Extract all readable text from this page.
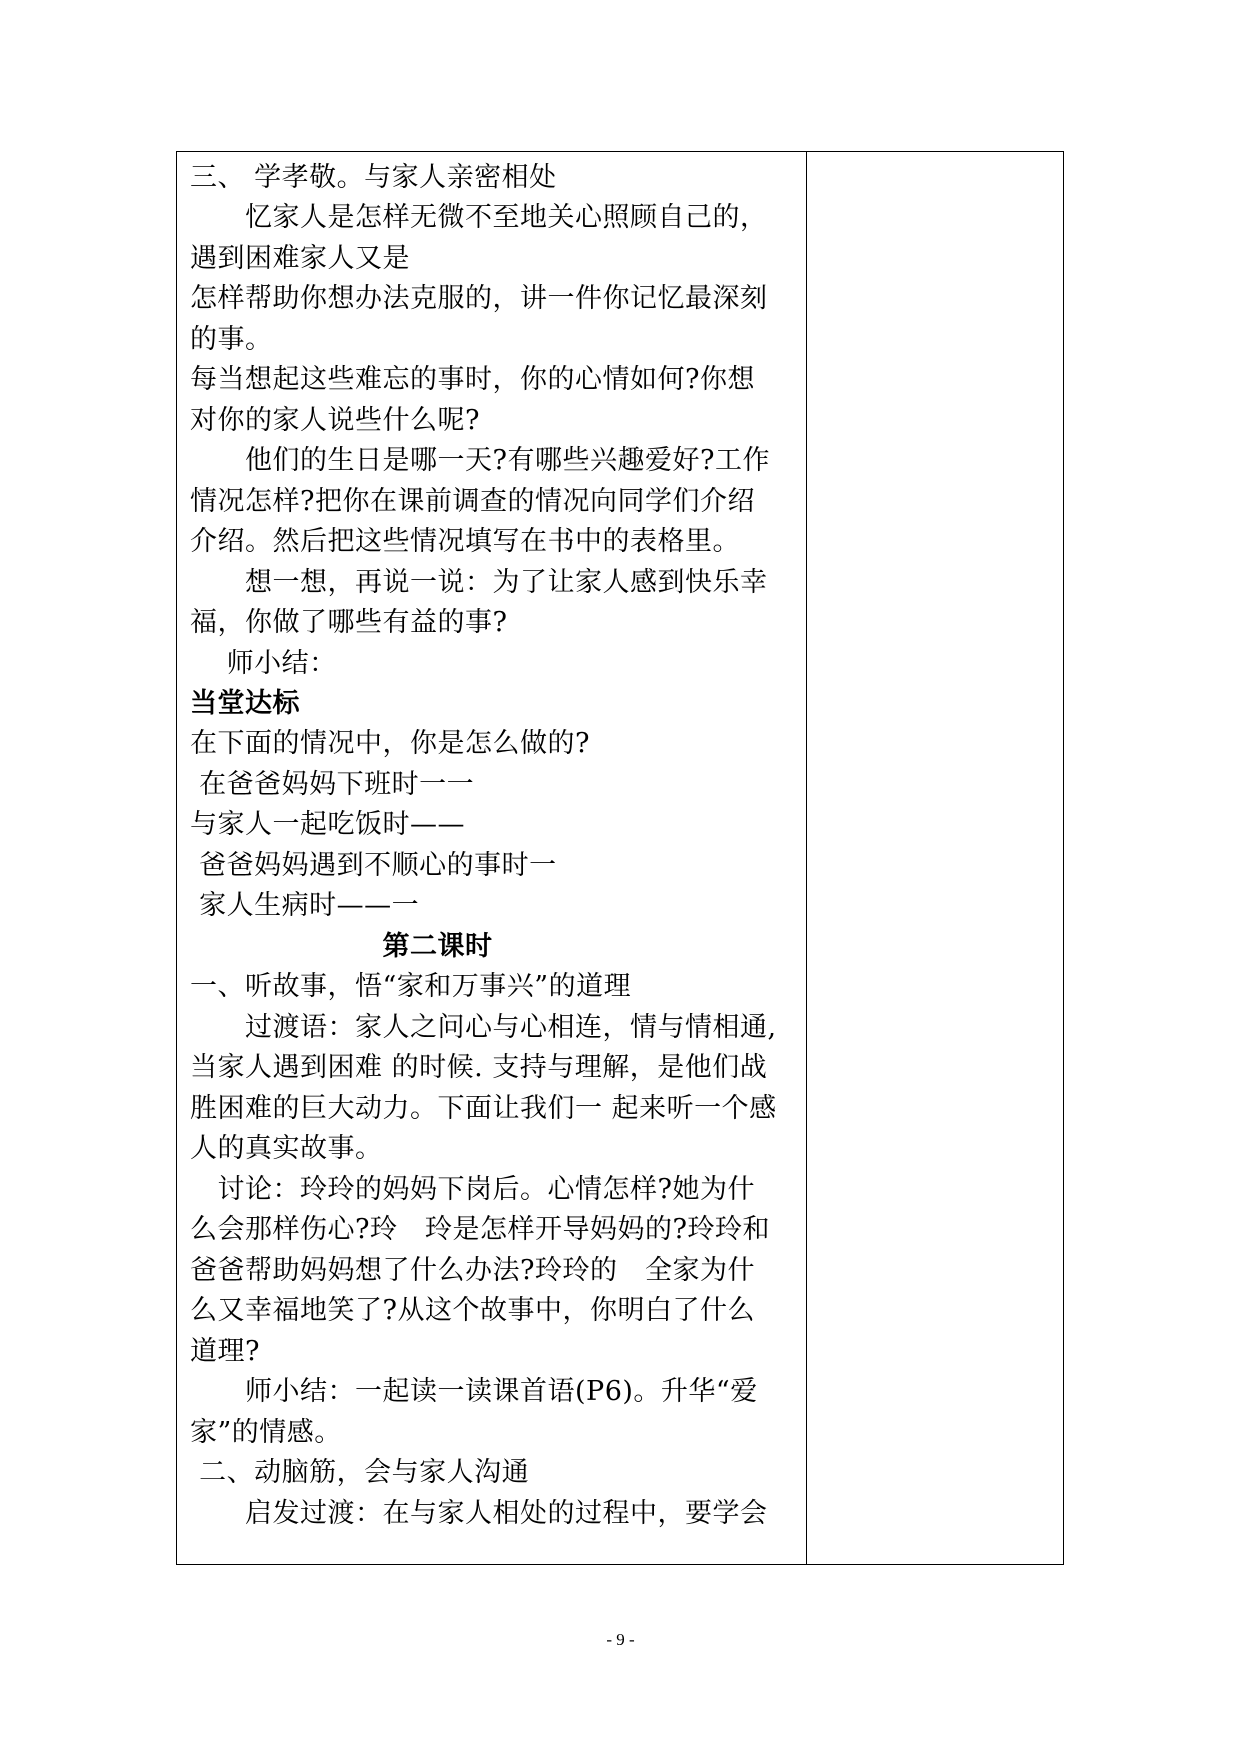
三、 学孝敬。与家人亲密相处
　　忆家人是怎样无微不至地关心照顾自己的，
遇到困难家人又是
怎样帮助你想办法克服的，讲一件你记忆最深刻
的事。
每当想起这些难忘的事时，你的心情如何?你想
对你的家人说些什么呢?
　　他们的生日是哪一天?有哪些兴趣爱好?工作
情况怎样?把你在课前调查的情况向同学们介绍
介绍。然后把这些情况填写在书中的表格里。
　　想一想，再说一说：为了让家人感到快乐幸
福，你做了哪些有益的事?
　 师小结：
当堂达标
在下面的情况中，你是怎么做的?
在爸爸妈妈下班时一一
与家人一起吃饭时——
爸爸妈妈遇到不顺心的事时一
家人生病时——一
　　　　　　　第二课时
一、听故事，悟“家和万事兴”的道理
　　过渡语：家人之问心与心相连，情与情相通,
当家人遇到困难 的时候. 支持与理解，是他们战
胜困难的巨大动力。下面让我们一 起来听一个感
人的真实故事。
　讨论：玲玲的妈妈下岗后。心情怎样?她为什
么会那样伤心?玲　玲是怎样开导妈妈的?玲玲和
爸爸帮助妈妈想了什么办法?玲玲的　全家为什
么又幸福地笑了?从这个故事中，你明白了什么
道理?
　　师小结：一起读一读课首语(P6)。升华“爱
家”的情感。
二、动脑筋，会与家人沟通
　　启发过渡：在与家人相处的过程中，要学会
- 9 -
